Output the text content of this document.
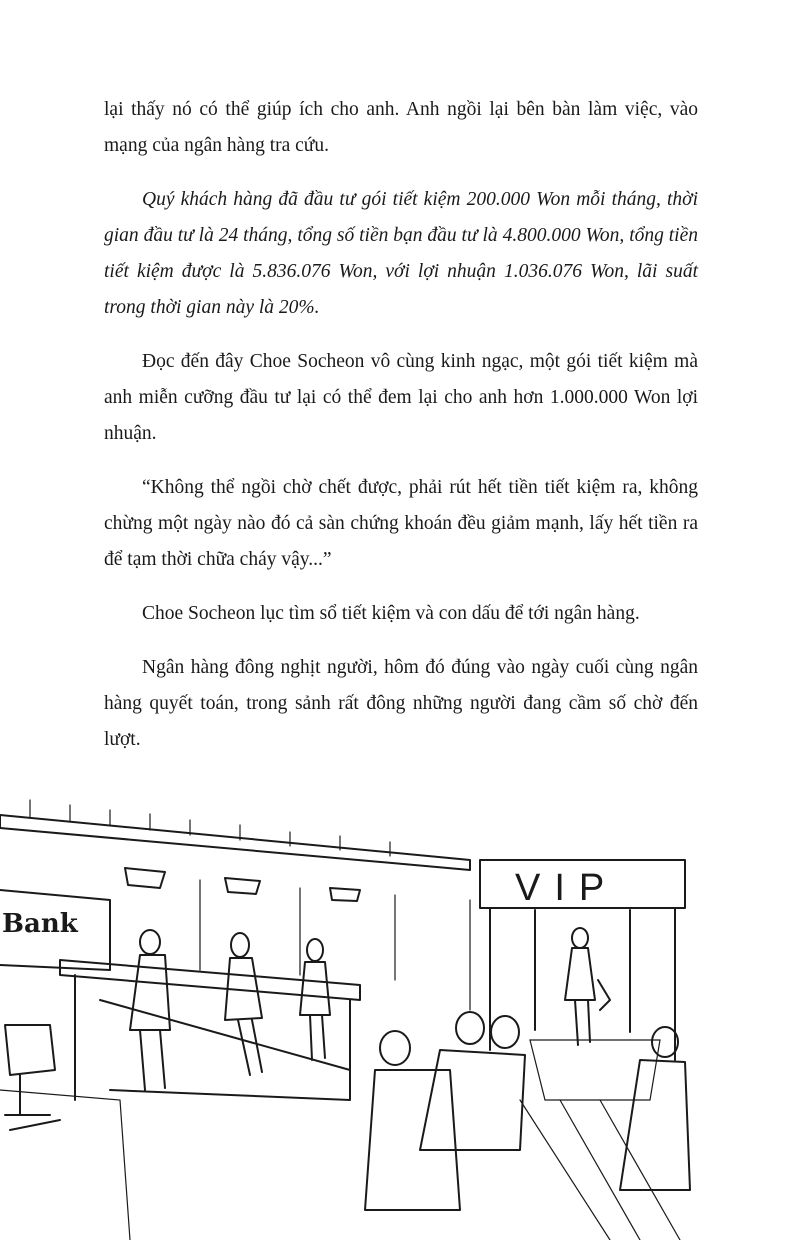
lại thấy nó có thể giúp ích cho anh. Anh ngồi lại bên bàn làm việc, vào mạng của ngân hàng tra cứu.

Quý khách hàng đã đầu tư gói tiết kiệm 200.000 Won mỗi tháng, thời gian đầu tư là 24 tháng, tổng số tiền bạn đầu tư là 4.800.000 Won, tổng tiền tiết kiệm được là 5.836.076 Won, với lợi nhuận 1.036.076 Won, lãi suất trong thời gian này là 20%.

Đọc đến đây Choe Socheon vô cùng kinh ngạc, một gói tiết kiệm mà anh miễn cưỡng đầu tư lại có thể đem lại cho anh hơn 1.000.000 Won lợi nhuận.

“Không thể ngồi chờ chết được, phải rút hết tiền tiết kiệm ra, không chừng một ngày nào đó cả sàn chứng khoán đều giảm mạnh, lấy hết tiền ra để tạm thời chữa cháy vậy...”

Choe Socheon lục tìm sổ tiết kiệm và con dấu để tới ngân hàng.

Ngân hàng đông nghịt người, hôm đó đúng vào ngày cuối cùng ngân hàng quyết toán, trong sảnh rất đông những người đang cầm số chờ đến lượt.

Bank
VIP
